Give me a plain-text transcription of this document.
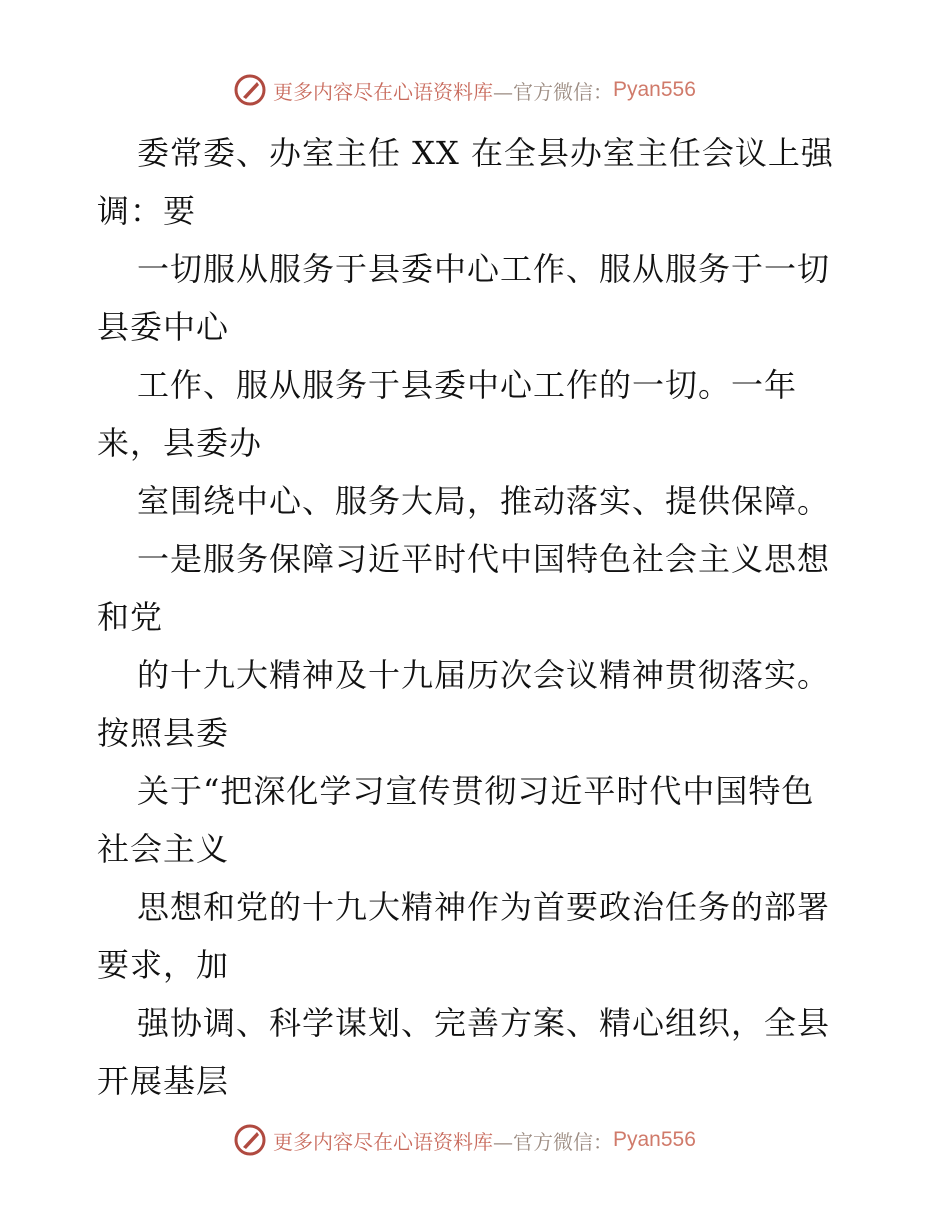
更多内容尽在心语资料库 —官方微信： Pyan556
委常委、办室主任 XX 在全县办室主任会议上强
调：要
一切服从服务于县委中心工作、服从服务于一切
县委中心
工作、服从服务于县委中心工作的一切。一年
来，县委办
室围绕中心、服务大局，推动落实、提供保障。
一是服务保障习近平时代中国特色社会主义思想
和党
的十九大精神及十九届历次会议精神贯彻落实。
按照县委
关于“把深化学习宣传贯彻习近平时代中国特色
社会主义
思想和党的十九大精神作为首要政治任务的部署
要求，加
强协调、科学谋划、完善方案、精心组织，全县
开展基层
更多内容尽在心语资料库 —官方微信： Pyan556
